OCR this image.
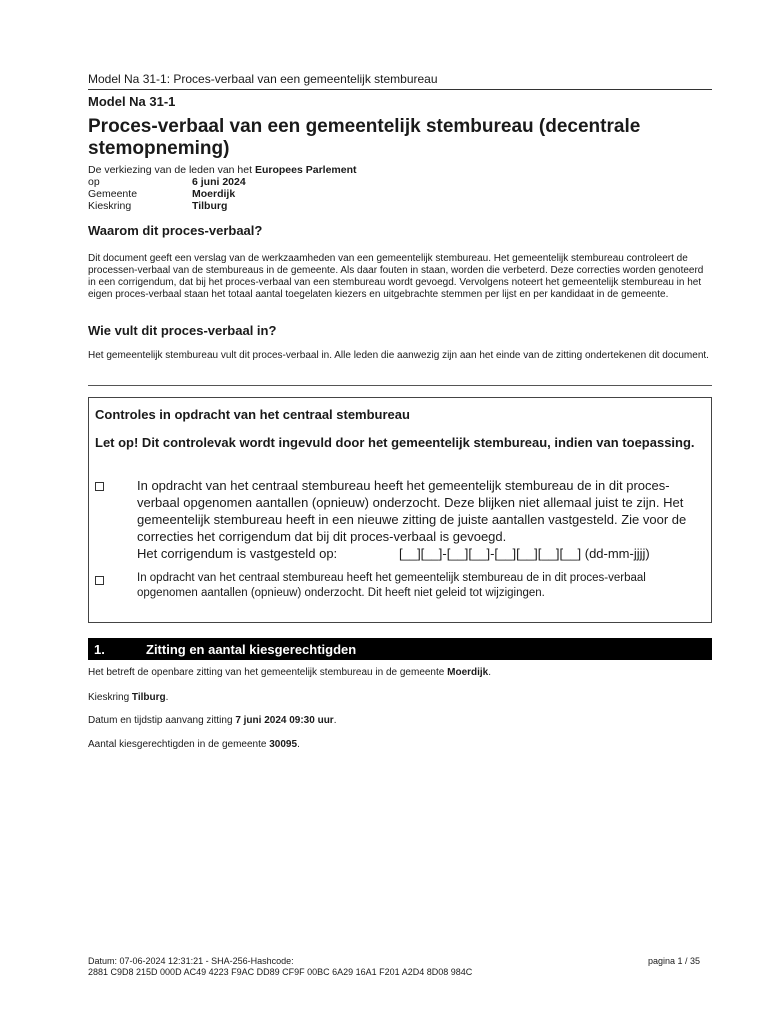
Model Na 31-1: Proces-verbaal van een gemeentelijk stembureau
Model Na 31-1
Proces-verbaal van een gemeentelijk stembureau (decentrale stemopneming)
De verkiezing van de leden van het Europees Parlement
op	6 juni 2024
Gemeente	Moerdijk
Kieskring	Tilburg
Waarom dit proces-verbaal?
Dit document geeft een verslag van de werkzaamheden van een gemeentelijk stembureau. Het gemeentelijk stembureau controleert de processen-verbaal van de stembureaus in de gemeente. Als daar fouten in staan, worden die verbeterd. Deze correcties worden genoteerd in een corrigendum, dat bij het proces-verbaal van een stembureau wordt gevoegd. Vervolgens noteert het gemeentelijk stembureau in het eigen proces-verbaal staan het totaal aantal toegelaten kiezers en uitgebrachte stemmen per lijst en per kandidaat in de gemeente.
Wie vult dit proces-verbaal in?
Het gemeentelijk stembureau vult dit proces-verbaal in. Alle leden die aanwezig zijn aan het einde van de zitting ondertekenen dit document.
Controles in opdracht van het centraal stembureau
Let op! Dit controlevak wordt ingevuld door het gemeentelijk stembureau, indien van toepassing.
In opdracht van het centraal stembureau heeft het gemeentelijk stembureau de in dit proces-verbaal opgenomen aantallen (opnieuw) onderzocht. Deze blijken niet allemaal juist te zijn. Het gemeentelijk stembureau heeft in een nieuwe zitting de juiste aantallen vastgesteld. Zie voor de correcties het corrigendum dat bij dit proces-verbaal is gevoegd.
Het corrigendum is vastgesteld op:	[__][__]-[__][__]-[__][__][__][__] (dd-mm-jjjj)
In opdracht van het centraal stembureau heeft het gemeentelijk stembureau de in dit proces-verbaal opgenomen aantallen (opnieuw) onderzocht. Dit heeft niet geleid tot wijzigingen.
1.	Zitting en aantal kiesgerechtigden
Het betreft de openbare zitting van het gemeentelijk stembureau in de gemeente Moerdijk.
Kieskring Tilburg.
Datum en tijdstip aanvang zitting 7 juni 2024 09:30 uur.
Aantal kiesgerechtigden in de gemeente 30095.
Datum: 07-06-2024 12:31:21 - SHA-256-Hashcode:
2881 C9D8 215D 000D AC49 4223 F9AC DD89 CF9F 00BC 6A29 16A1 F201 A2D4 8D08 984C
pagina 1 / 35
